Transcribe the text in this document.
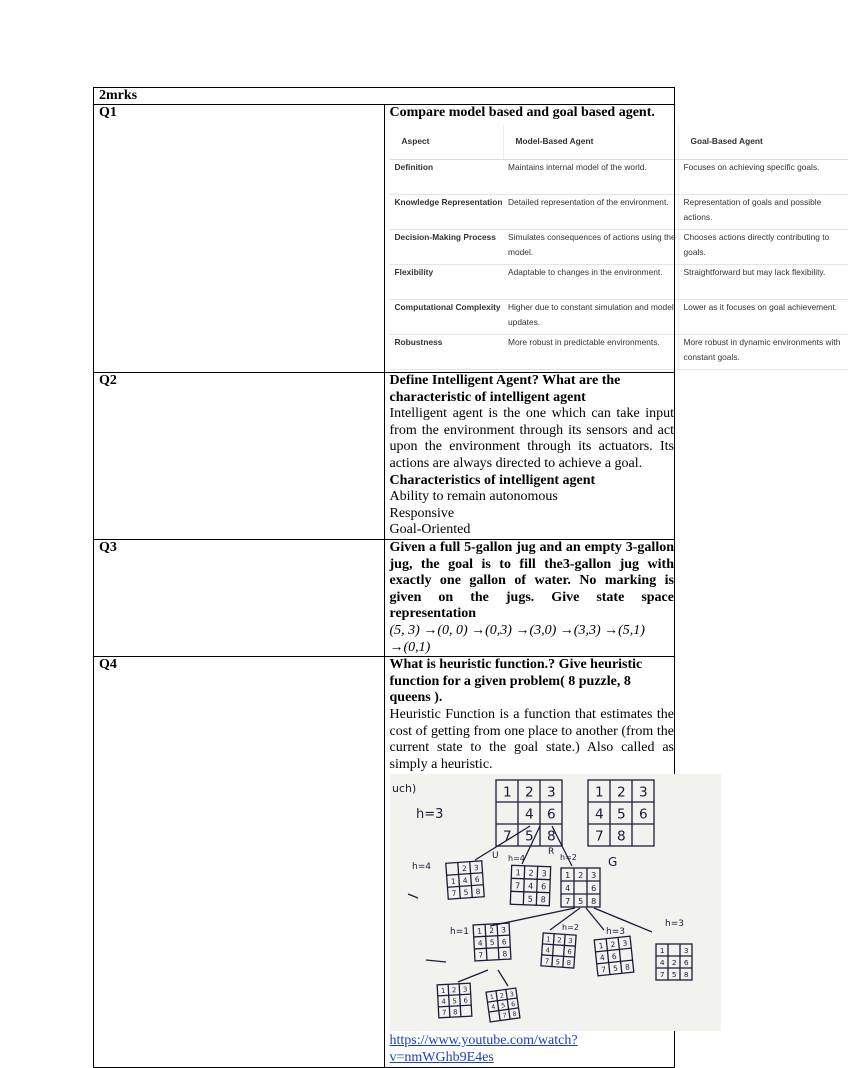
2mrks
Q1	Compare model based and goal based agent.
Aspect	Model-Based Agent	Goal-Based Agent
Definition	Maintains internal model of the world.	Focuses on achieving specific goals.
Knowledge Representation	Detailed representation of the environment.	Representation of goals and possible actions.
Decision-Making Process	Simulates consequences of actions using the model.	Chooses actions directly contributing to goals.
Flexibility	Adaptable to changes in the environment.	Straightforward but may lack flexibility.
Computational Complexity	Higher due to constant simulation and model updates.	Lower as it focuses on goal achievement.
Robustness	More robust in predictable environments.	More robust in dynamic environments with constant goals.

Q2	Define Intelligent Agent? What are the characteristic of intelligent agent
Intelligent agent is the one which can take input from the environment through its sensors and act upon the environment through its actuators. Its actions are always directed to achieve a goal.
Characteristics of intelligent agent
Ability to remain autonomous
Responsive
Goal-Oriented

Q3	Given a full 5-gallon jug and an empty 3-gallon jug, the goal is to fill the3-gallon jug with exactly one gallon of water. No marking is given on the jugs. Give state space representation
(5, 3) →(0, 0) →(0,3) →(3,0) →(3,3) →(5,1) →(0,1)

Q4	What is heuristic function.? Give heuristic function for a given problem( 8 puzzle, 8 queens ).
Heuristic Function is a function that estimates the cost of getting from one place to another (from the current state to the goal state.) Also called as simply a heuristic.
uch)
h=3
1 2 3
4 6
7 5 8
1 2 3
4 5 6
7 8
G
2 3
1 4 6
7 5 8
1 2 3
7 4 6
5 8
1 2 3
4	6
7 5 8
h=4
h=4	h=2
U	R
1 2 3
4 5 6
7	8
1 2 3
4	6
7 5 8
1 2 3
4 6
7 5 8
1	3
4 2 6
7 5 8
h=1	h=2	h=3
h=3
1 2 3
4 5 6
7 8
1 2 3
4 5 6
7 8
https://www.youtube.com/watch?v=nmWGhb9E4es
